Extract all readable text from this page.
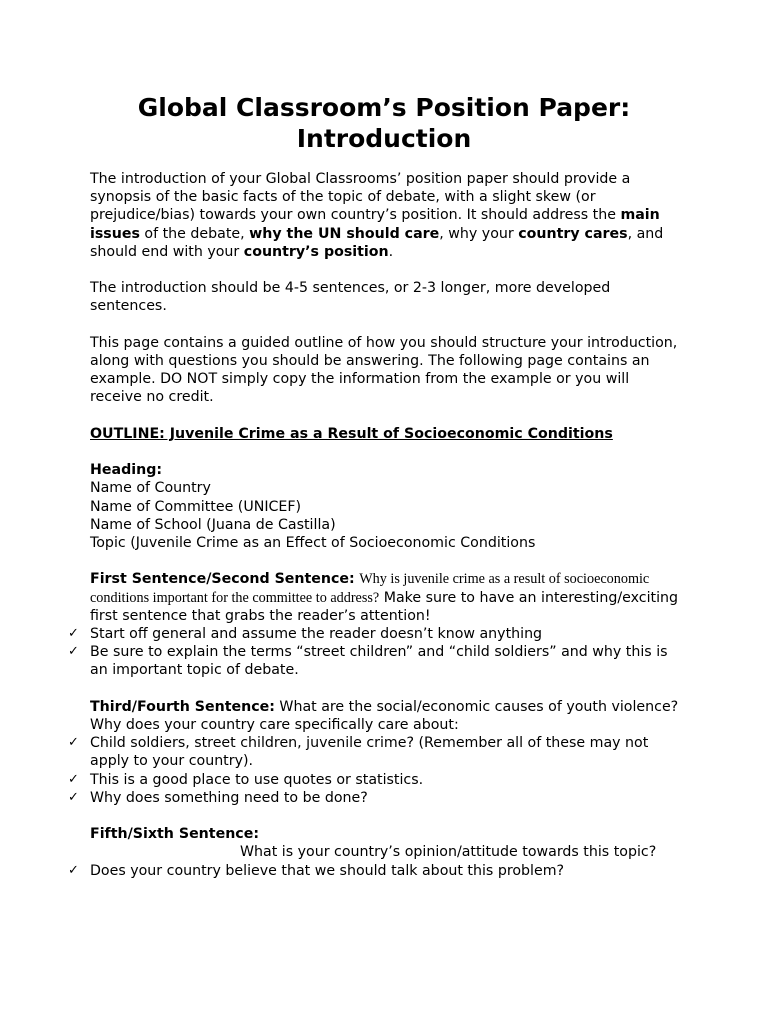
Global Classroom’s Position Paper:
Introduction

The introduction of your Global Classrooms’ position paper should provide a synopsis of the basic facts of the topic of debate, with a slight skew (or prejudice/bias) towards your own country’s position. It should address the main issues of the debate, why the UN should care, why your country cares, and should end with your country’s position.

The introduction should be 4-5 sentences, or 2-3 longer, more developed sentences.

This page contains a guided outline of how you should structure your introduction, along with questions you should be answering. The following page contains an example. DO NOT simply copy the information from the example or you will receive no credit.

OUTLINE: Juvenile Crime as a Result of Socioeconomic Conditions
Heading:
Name of Country
Name of Committee (UNICEF)
Name of School (Juana de Castilla)
Topic (Juvenile Crime as an Effect of Socioeconomic Conditions
First Sentence/Second Sentence: Why is juvenile crime as a result of socioeconomic conditions important for the committee to address? Make sure to have an interesting/exciting first sentence that grabs the reader’s attention!
✓ Start off general and assume the reader doesn’t know anything
✓ Be sure to explain the terms “street children” and “child soldiers” and why this is an important topic of debate.
Third/Fourth Sentence: What are the social/economic causes of youth violence? Why does your country care specifically care about:
✓ Child soldiers, street children, juvenile crime? (Remember all of these may not apply to your country).
✓ This is a good place to use quotes or statistics.
✓ Why does something need to be done?
Fifth/Sixth Sentence:
What is your country’s opinion/attitude towards this topic?
✓ Does your country believe that we should talk about this problem?
